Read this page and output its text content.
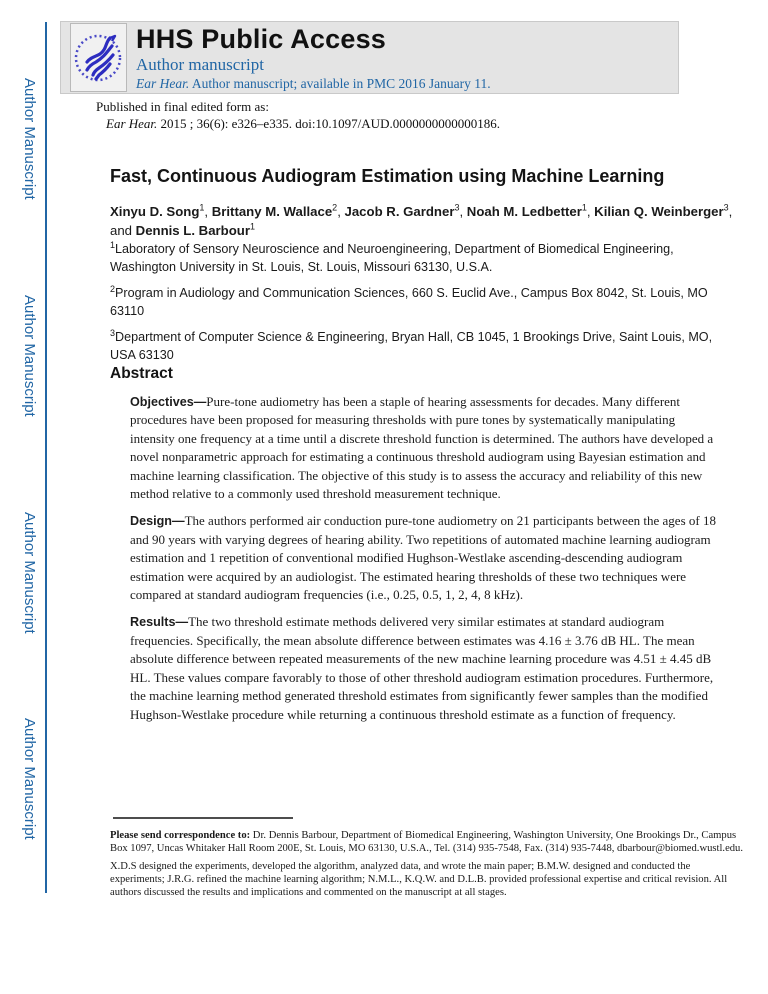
Author Manuscript
Author Manuscript
Author Manuscript
Author Manuscript
HHS Public Access
Author manuscript
Ear Hear. Author manuscript; available in PMC 2016 January 11.
Published in final edited form as:
Ear Hear. 2015 ; 36(6): e326–e335. doi:10.1097/AUD.0000000000000186.
Fast, Continuous Audiogram Estimation using Machine Learning
Xinyu D. Song$^1$, Brittany M. Wallace$^2$, Jacob R. Gardner$^3$, Noah M. Ledbetter$^1$, Kilian Q. Weinberger$^3$, and Dennis L. Barbour$^1$

$^1$Laboratory of Sensory Neuroscience and Neuroengineering, Department of Biomedical Engineering, Washington University in St. Louis, St. Louis, Missouri 63130, U.S.A.

$^2$Program in Audiology and Communication Sciences, 660 S. Euclid Ave., Campus Box 8042, St. Louis, MO 63110

$^3$Department of Computer Science & Engineering, Bryan Hall, CB 1045, 1 Brookings Drive, Saint Louis, MO, USA 63130

Abstract

Objectives—Pure-tone audiometry has been a staple of hearing assessments for decades. Many different procedures have been proposed for measuring thresholds with pure tones by systematically manipulating intensity one frequency at a time until a discrete threshold function is determined. The authors have developed a novel nonparametric approach for estimating a continuous threshold audiogram using Bayesian estimation and machine learning classification. The objective of this study is to assess the accuracy and reliability of this new method relative to a commonly used threshold measurement technique.

Design—The authors performed air conduction pure-tone audiometry on 21 participants between the ages of 18 and 90 years with varying degrees of hearing ability. Two repetitions of automated machine learning audiogram estimation and 1 repetition of conventional modified Hughson-Westlake ascending-descending audiogram estimation were acquired by an audiologist. The estimated hearing thresholds of these two techniques were compared at standard audiogram frequencies (i.e., 0.25, 0.5, 1, 2, 4, 8 kHz).

Results—The two threshold estimate methods delivered very similar estimates at standard audiogram frequencies. Specifically, the mean absolute difference between estimates was 4.16 ± 3.76 dB HL. The mean absolute difference between repeated measurements of the new machine learning procedure was 4.51 ± 4.45 dB HL. These values compare favorably to those of other threshold audiogram estimation procedures. Furthermore, the machine learning method generated threshold estimates from significantly fewer samples than the modified Hughson-Westlake procedure while returning a continuous threshold estimate as a function of frequency.

Please send correspondence to: Dr. Dennis Barbour, Department of Biomedical Engineering, Washington University, One Brookings Dr., Campus Box 1097, Uncas Whitaker Hall Room 200E, St. Louis, MO 63130, U.S.A., Tel. (314) 935-7548, Fax. (314) 935-7448, dbarbour@biomed.wustl.edu.

X.D.S designed the experiments, developed the algorithm, analyzed data, and wrote the main paper; B.M.W. designed and conducted the experiments; J.R.G. refined the machine learning algorithm; N.M.L., K.Q.W. and D.L.B. provided professional expertise and critical revision. All authors discussed the results and implications and commented on the manuscript at all stages.
